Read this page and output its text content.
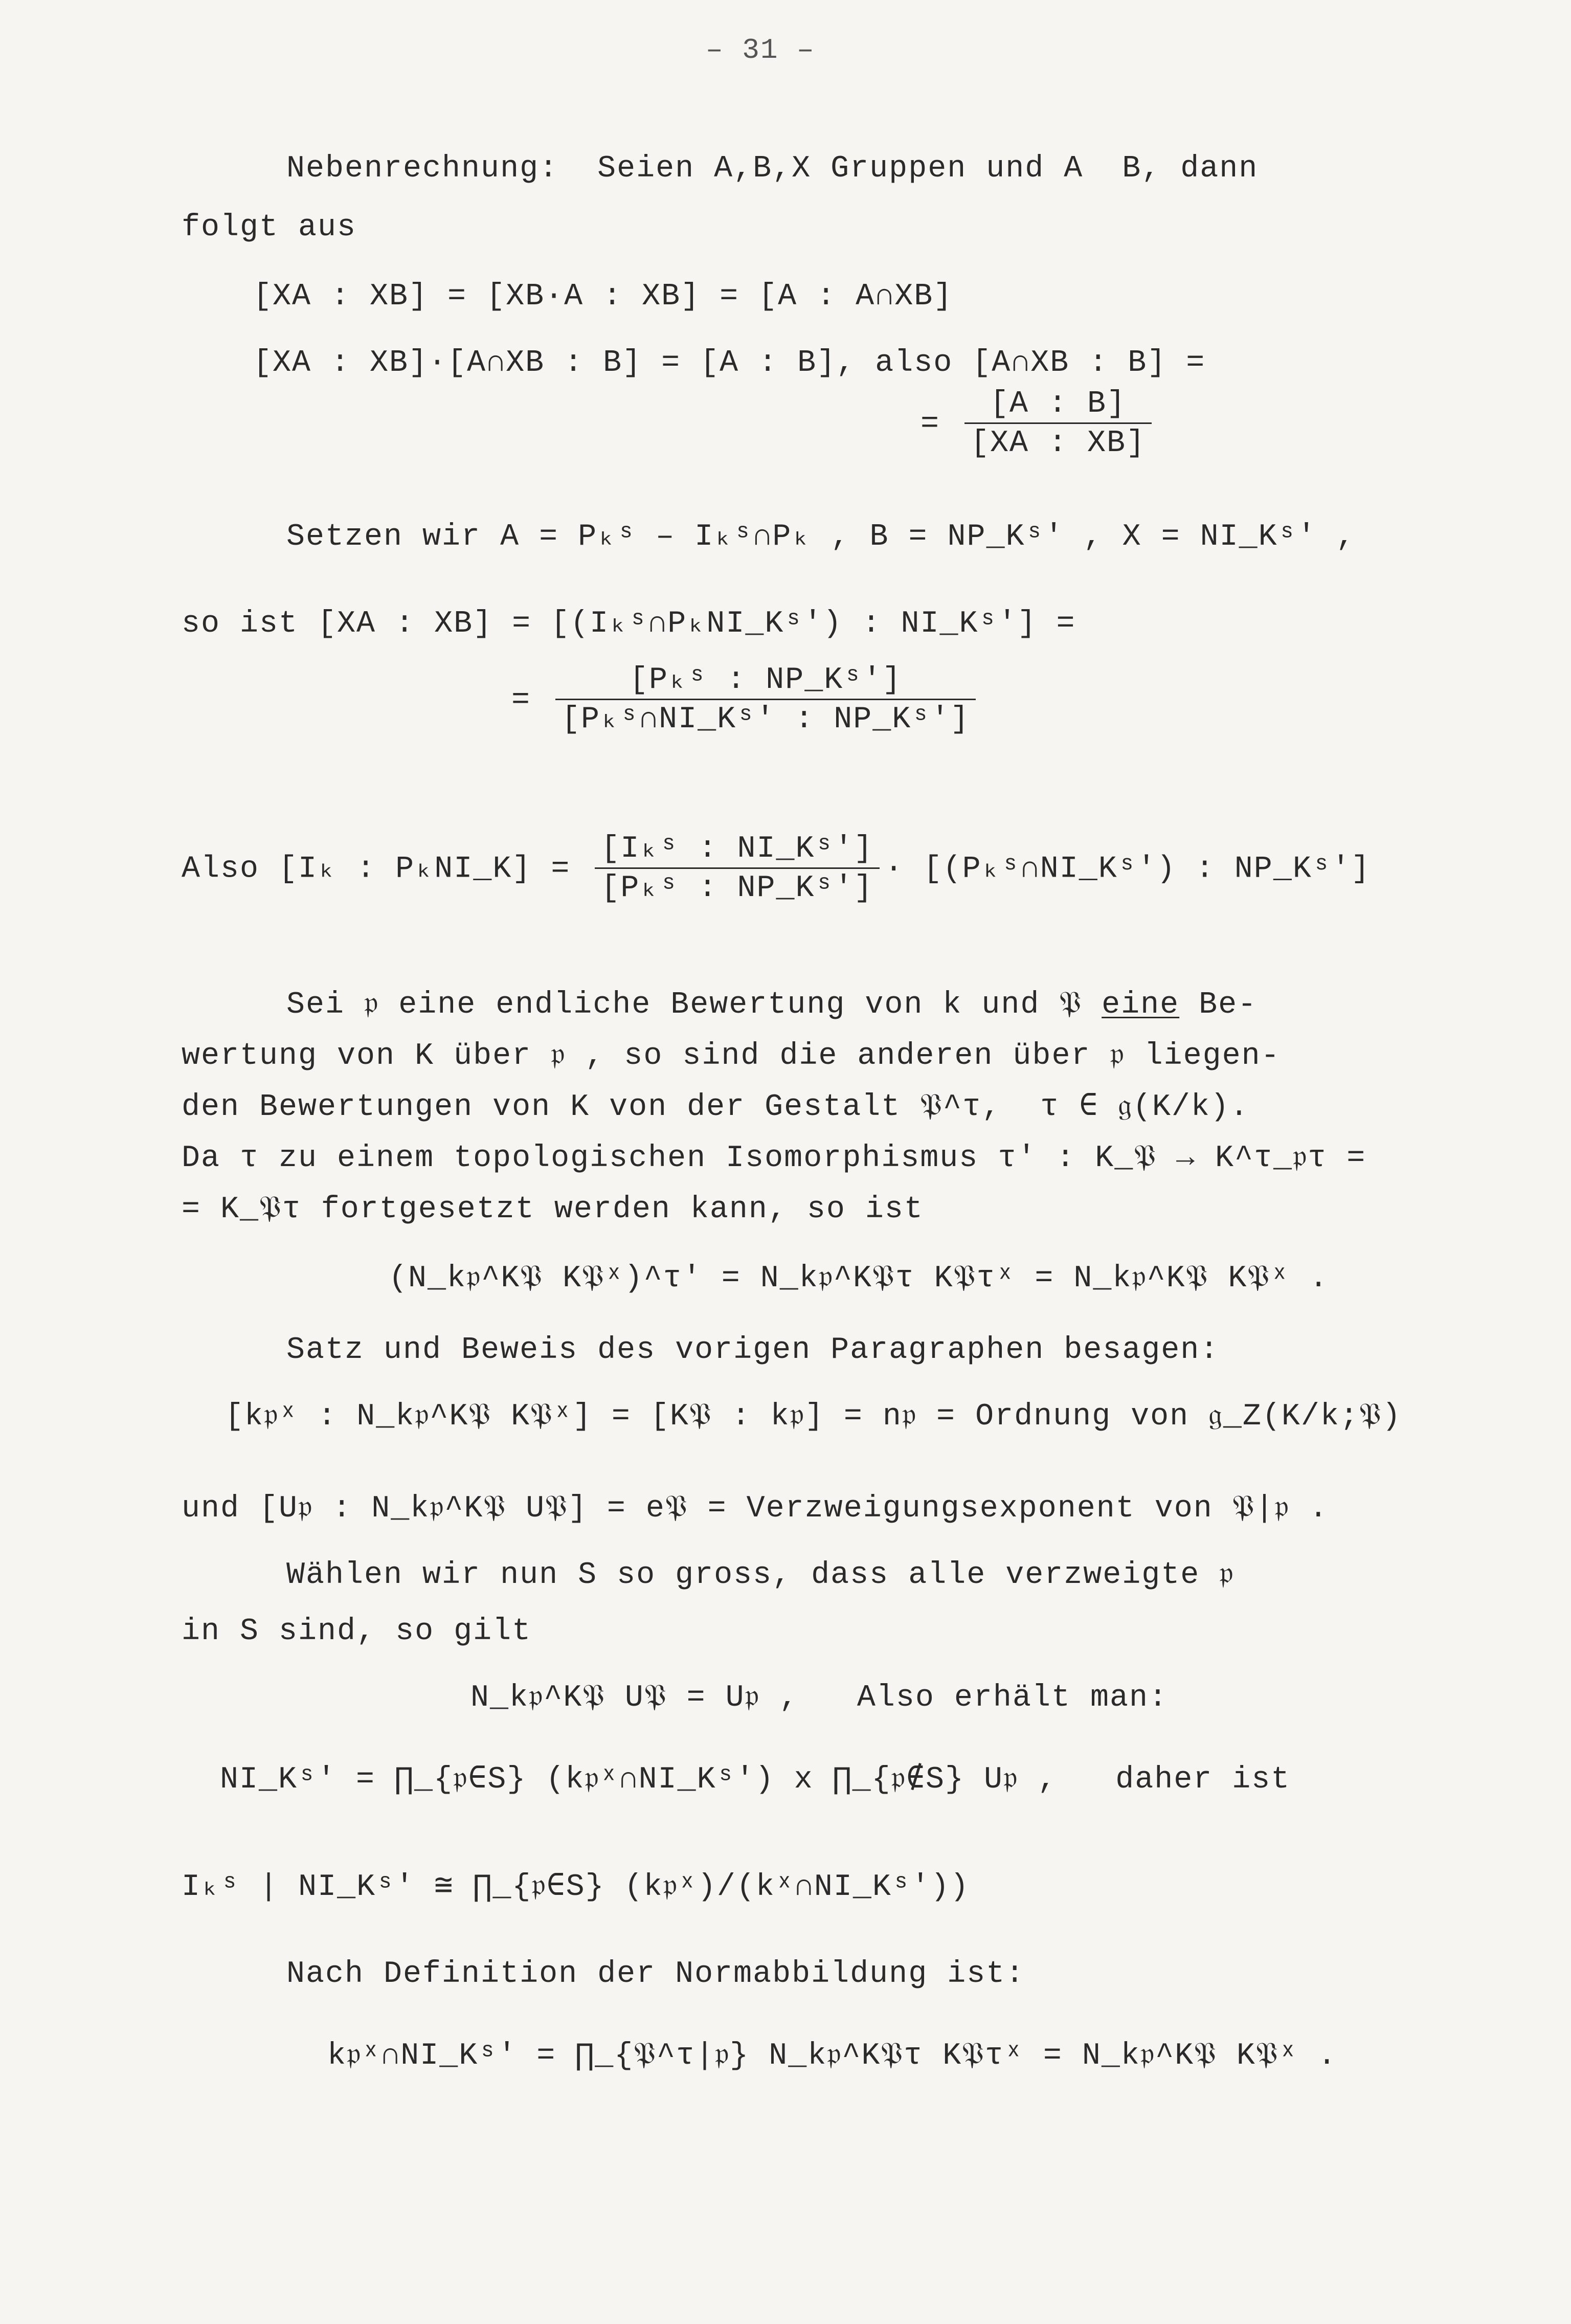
– 31 –
Nebenrechnung:  Seien A,B,X Gruppen und A  B, dann
folgt aus
[XA : XB] = [XB·A : XB] = [A : A∩XB]
[XA : XB]·[A∩XB : B] = [A : B], also [A∩XB : B] =
= $\frac{[A : B]}{[XA : XB]}$
Setzen wir A = Pₖˢ – Iₖˢ∩Pₖ , B = NP_Kˢ' , X = NI_Kˢ' ,
so ist [XA : XB] = [(Iₖˢ∩PₖNI_Kˢ') : NI_Kˢ'] =
= $\frac{\text{[Pₖˢ : NP\_Kˢ']}}{\text{[Pₖˢ∩NI\_Kˢ' : NP\_Kˢ']}}$
Also [Iₖ : PₖNI_K] = $\frac{\text{[Iₖˢ : NI\_Kˢ']}}{\text{[Pₖˢ : NP\_Kˢ']}}$ · [(Pₖˢ∩NI_Kˢ') : NP_Kˢ']
Sei 𝔭 eine endliche Bewertung von k und 𝔓 eine Be-
wertung von K über 𝔭 , so sind die anderen über 𝔭 liegen-
den Bewertungen von K von der Gestalt 𝔓^τ,  τ ∈ 𝔤(K/k).
Da τ zu einem topologischen Isomorphismus τ' : K_𝔓 → K^τ_𝔭τ =
= K_𝔓τ fortgesetzt werden kann, so ist
(N_k𝔭^K𝔓 K𝔓ˣ)^τ' = N_k𝔭^K𝔓τ K𝔓τˣ = N_k𝔭^K𝔓 K𝔓ˣ .
Satz und Beweis des vorigen Paragraphen besagen:
[k𝔭ˣ : N_k𝔭^K𝔓 K𝔓ˣ] = [K𝔓 : k𝔭] = n𝔭 = Ordnung von 𝔤_Z(K/k;𝔓)
und [U𝔭 : N_k𝔭^K𝔓 U𝔓] = e𝔓 = Verzweigungsexponent von 𝔓|𝔭 .
Wählen wir nun S so gross, dass alle verzweigte 𝔭
in S sind, so gilt
N_k𝔭^K𝔓 U𝔓 = U𝔭 ,   Also erhält man:
NI_Kˢ' = ∏_{𝔭∈S} (k𝔭ˣ∩NI_Kˢ') x ∏_{𝔭∉S} U𝔭 ,   daher ist
Iₖˢ | NI_Kˢ' ≅ ∏_{𝔭∈S} (k𝔭ˣ)/(kˣ∩NI_Kˢ'))
Nach Definition der Normabbildung ist:
k𝔭ˣ∩NI_Kˢ' = ∏_{𝔓^τ|𝔭} N_k𝔭^K𝔓τ K𝔓τˣ = N_k𝔭^K𝔓 K𝔓ˣ .
